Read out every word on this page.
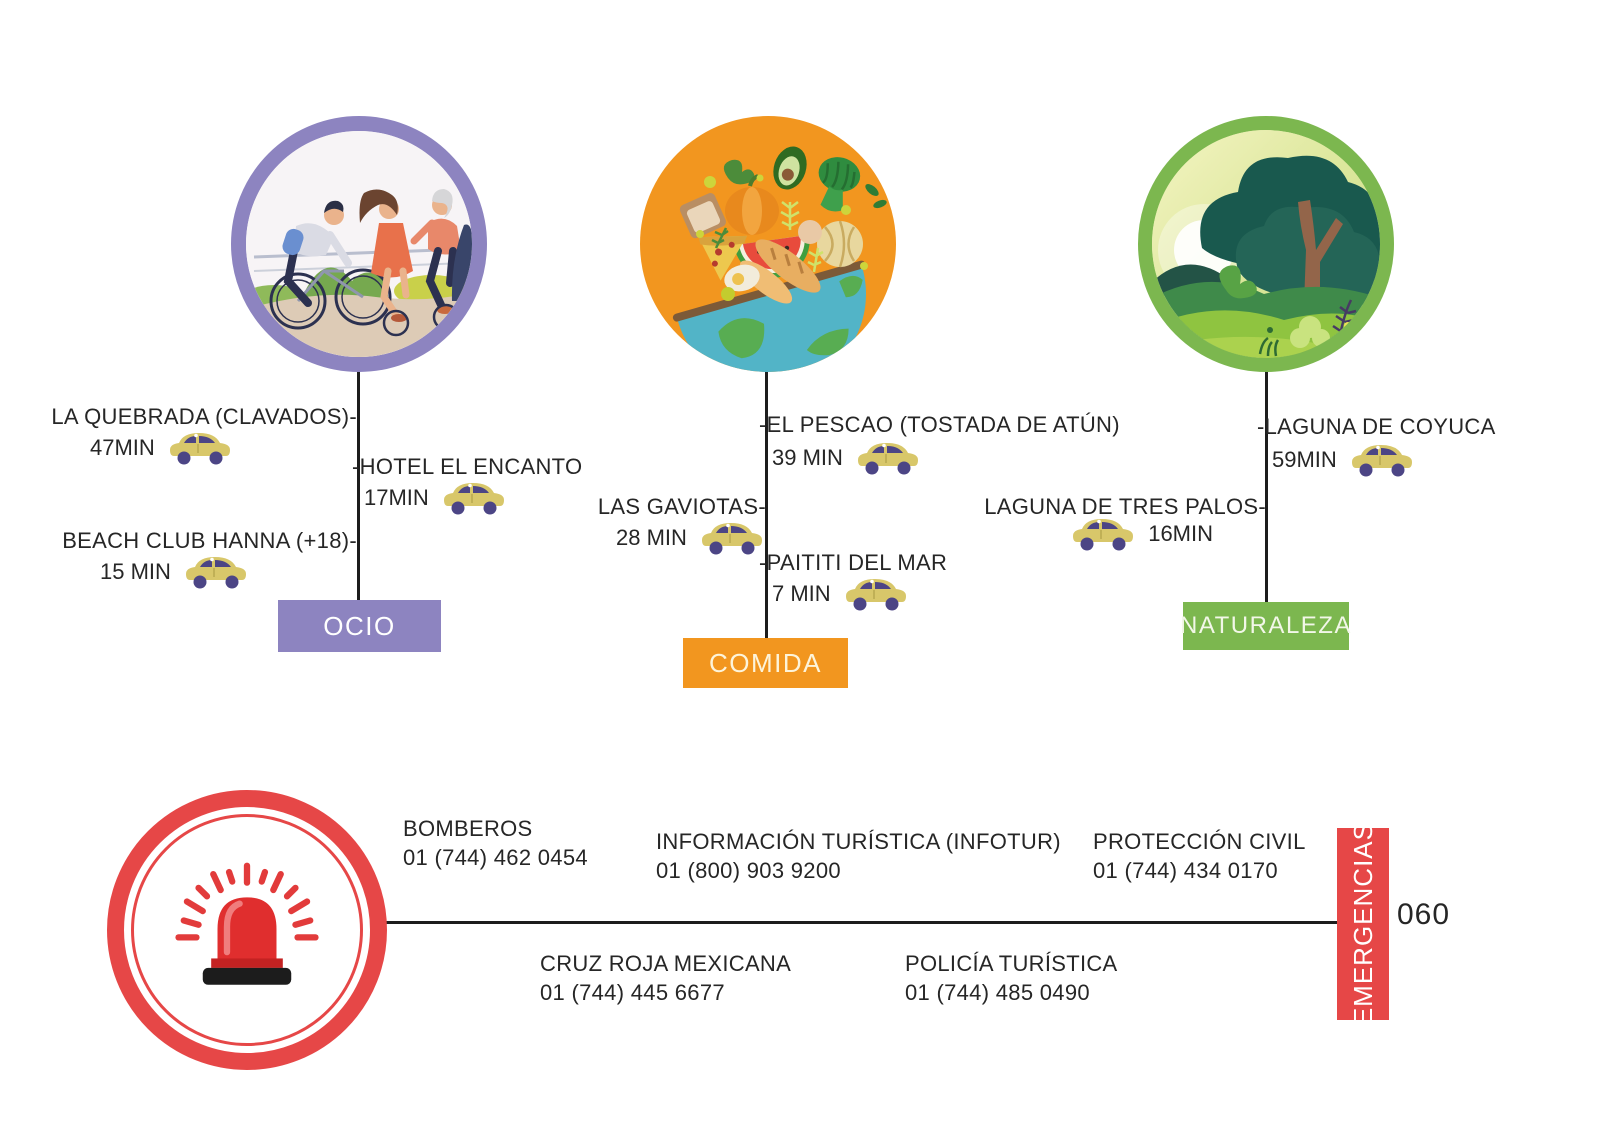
OCIO
LA QUEBRADA (CLAVADOS)-
47MIN
-HOTEL EL ENCANTO
17MIN
BEACH CLUB HANNA (+18)-
15 MIN
COMIDA
-EL PESCAO (TOSTADA DE ATÚN)
39 MIN
LAS GAVIOTAS-
28 MIN
-PAITITI DEL MAR
7 MIN
NATURALEZA
-LAGUNA DE COYUCA
59MIN
LAGUNA DE TRES PALOS-
16MIN
EMERGENCIAS 060
BOMBEROS
01 (744) 462 0454
INFORMACIÓN TURÍSTICA (INFOTUR)
01 (800) 903 9200
PROTECCIÓN CIVIL
01 (744) 434 0170
CRUZ ROJA MEXICANA
01 (744) 445 6677
POLICÍA TURÍSTICA
01 (744) 485 0490
